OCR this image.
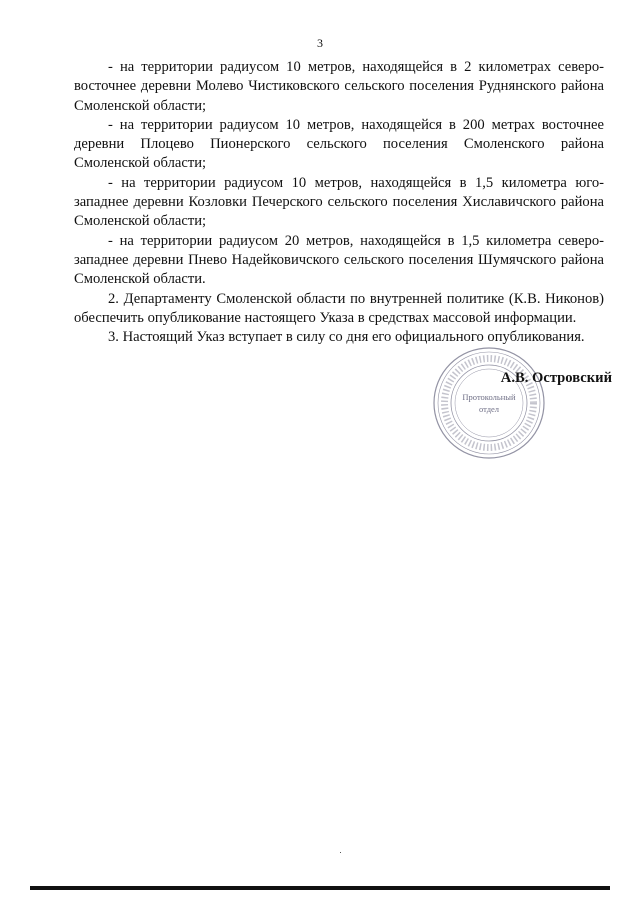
3

- на территории радиусом 10 метров, находящейся в 2 километрах северо-восточнее деревни Молево Чистиковского сельского поселения Руднянского района Смоленской области;

- на территории радиусом 10 метров, находящейся в 200 метрах восточнее деревни Плоцево Пионерского сельского поселения Смоленского района Смоленской области;

- на территории радиусом 10 метров, находящейся в 1,5 километра юго-западнее деревни Козловки Печерского сельского поселения Хиславичского района Смоленской области;

- на территории радиусом 20 метров, находящейся в 1,5 километра северо-западнее деревни Пнево Надейковичского сельского поселения Шумячского района Смоленской области.

2. Департаменту Смоленской области по внутренней политике (К.В. Никонов) обеспечить опубликование настоящего Указа в средствах массовой информации.

3. Настоящий Указ вступает в силу со дня его официального опубликования.

Протокольный
отдел
А.В. Островский
